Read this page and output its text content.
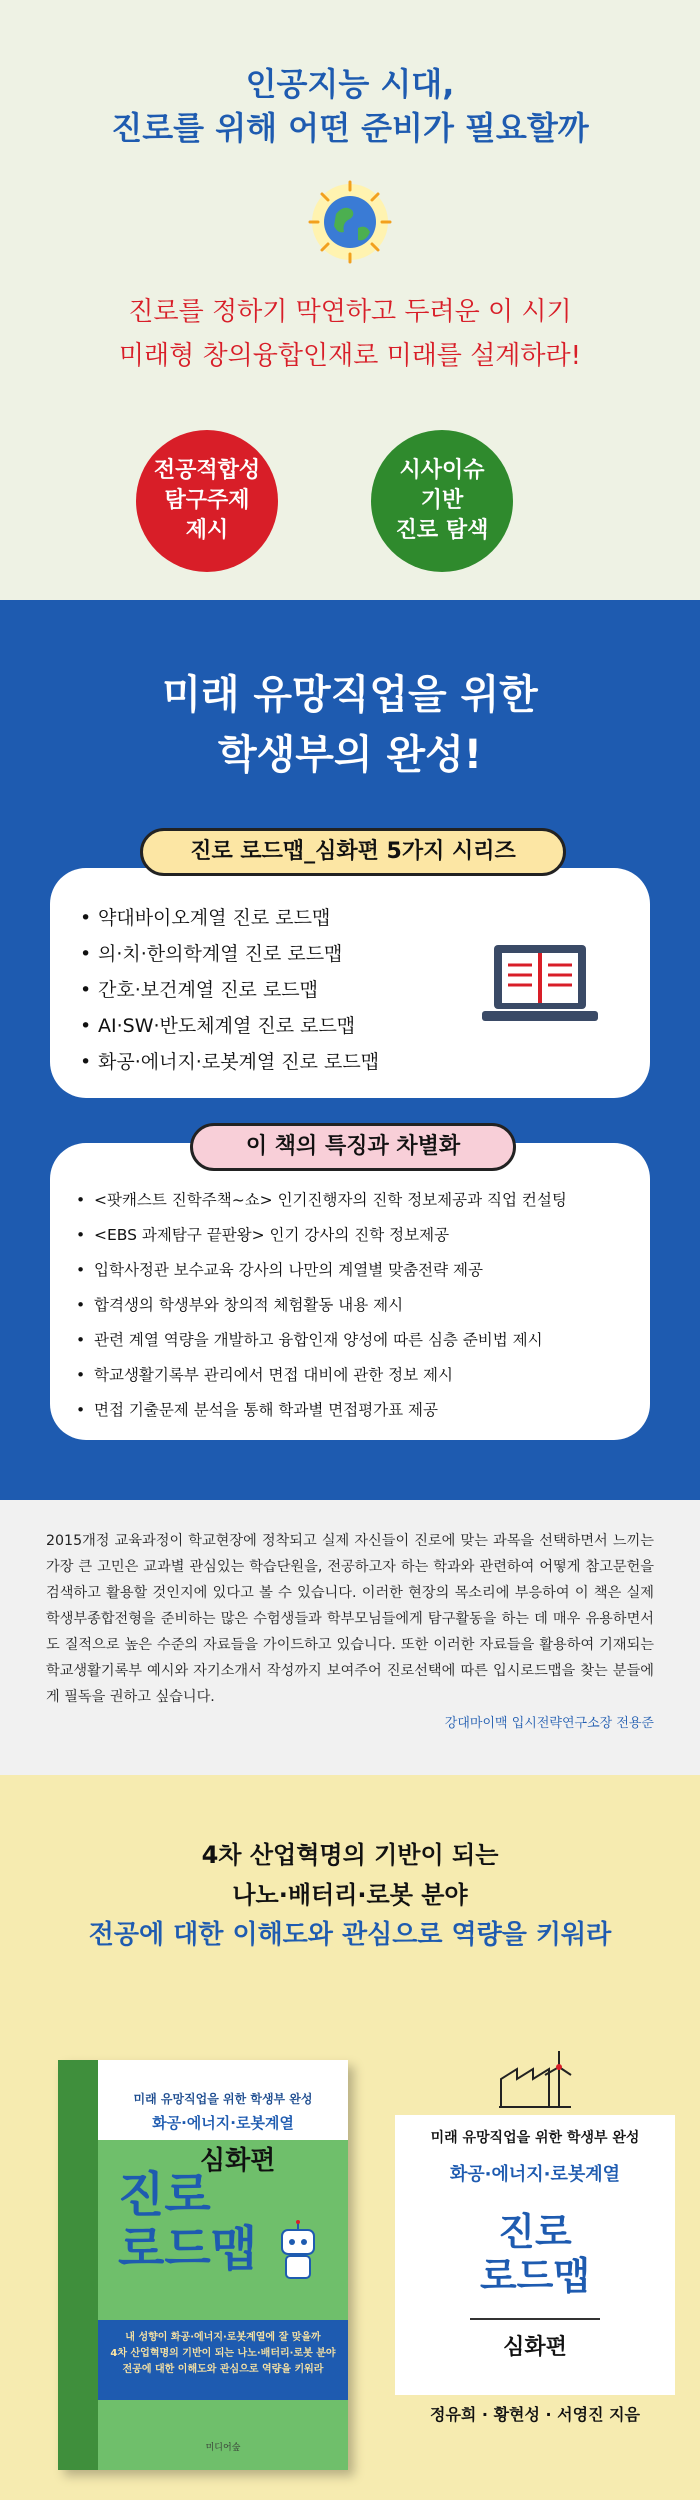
인공지능 시대,
진로를 위해 어떤 준비가 필요할까
진로를 정하기 막연하고 두려운 이 시기
미래형 창의융합인재로 미래를 설계하라!
전공적합성
탐구주제
제시
시사이슈
기반
진로 탐색
미래 유망직업을 위한
학생부의 완성!
진로 로드맵_심화편 5가지 시리즈
• 약대바이오계열 진로 로드맵
• 의·치·한의학계열 진로 로드맵
• 간호·보건계열 진로 로드맵
• AI·SW·반도체계열 진로 로드맵
• 화공·에너지·로봇계열 진로 로드맵
이 책의 특징과 차별화
• <팟캐스트 진학주책~쇼> 인기진행자의 진학 정보제공과 직업 컨설팅
• <EBS 과제탐구 끝판왕> 인기 강사의 진학 정보제공
• 입학사정관 보수교육 강사의 나만의 계열별 맞춤전략 제공
• 합격생의 학생부와 창의적 체험활동 내용 제시
• 관련 계열 역량을 개발하고 융합인재 양성에 따른 심층 준비법 제시
• 학교생활기록부 관리에서 면접 대비에 관한 정보 제시
• 면접 기출문제 분석을 통해 학과별 면접평가표 제공
2015개정 교육과정이 학교현장에 정착되고 실제 자신들이 진로에 맞는 과목을 선택하면서 느끼는 가장 큰 고민은 교과별 관심있는 학습단원을, 전공하고자 하는 학과와 관련하여 어떻게 참고문헌을 검색하고 활용할 것인지에 있다고 볼 수 있습니다. 이러한 현장의 목소리에 부응하여 이 책은 실제 학생부종합전형을 준비하는 많은 수험생들과 학부모님들에게 탐구활동을 하는 데 매우 유용하면서도 질적으로 높은 수준의 자료들을 가이드하고 있습니다. 또한 이러한 자료들을 활용하여 기재되는 학교생활기록부 예시와 자기소개서 작성까지 보여주어 진로선택에 따른 입시로드맵을 찾는 분들에게 필독을 권하고 싶습니다.
강대마이맥 입시전략연구소장 전용준
4차 산업혁명의 기반이 되는
나노·배터리·로봇 분야
전공에 대한 이해도와 관심으로 역량을 키워라
미래 유망직업을 위한 학생부 완성
화공·에너지·로봇계열
심화편
진로
로드맵
내 성향이 화공·에너지·로봇계열에 잘 맞을까
4차 산업혁명의 기반이 되는 나노·배터리·로봇 분야
전공에 대한 이해도와 관심으로 역량을 키워라
미디어숲
미래 유망직업을 위한 학생부 완성
화공·에너지·로봇계열
진로
로드맵
심화편
정유희 · 황현성 · 서영진 지음
